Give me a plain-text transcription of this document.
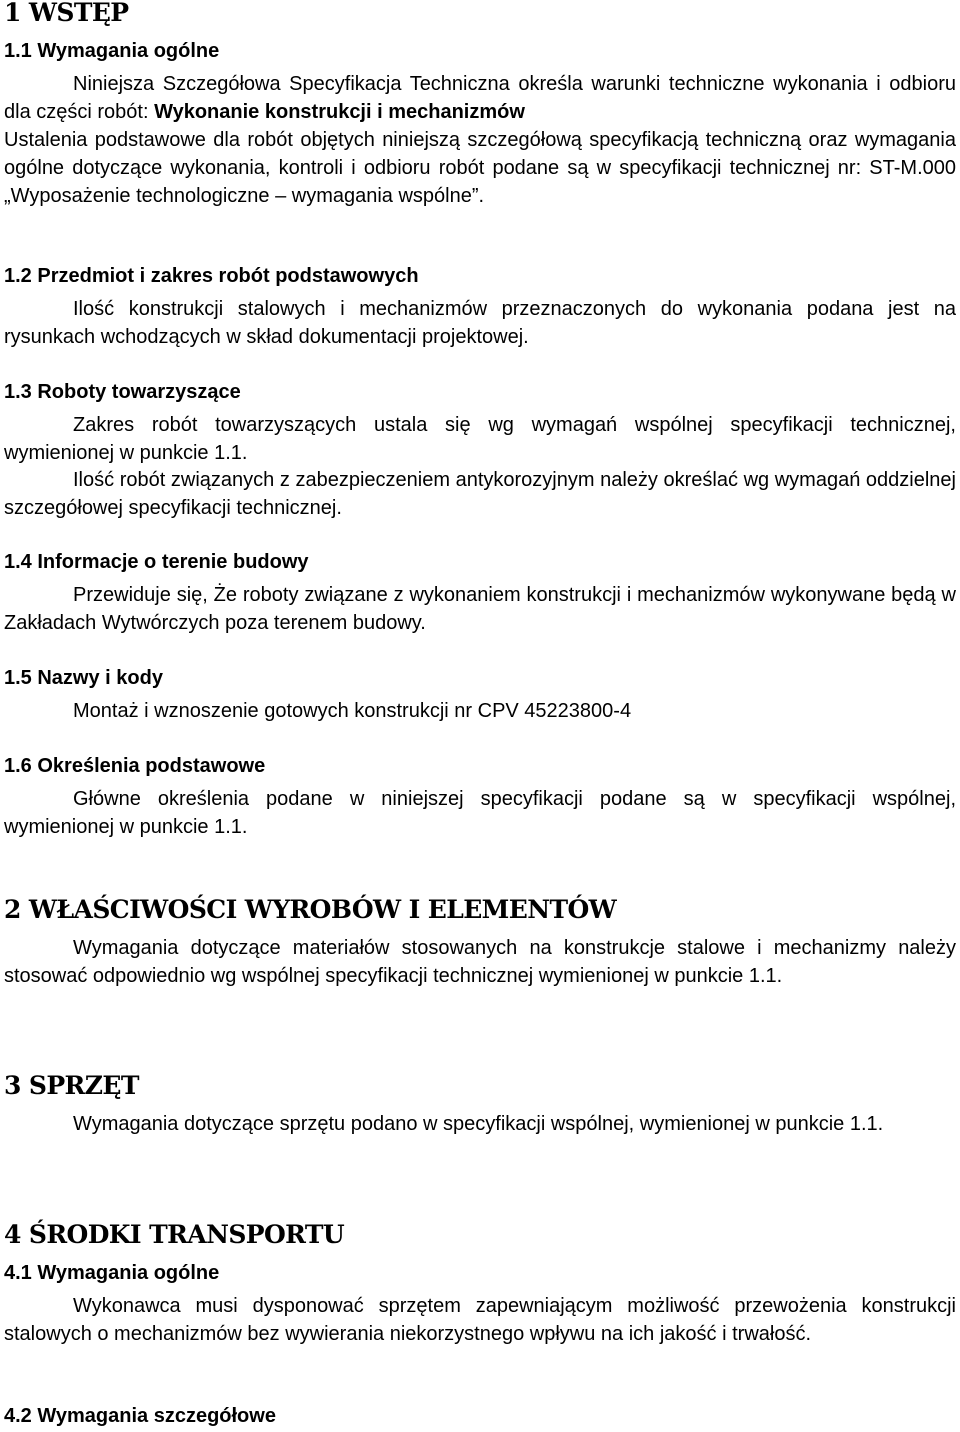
1 WSTĘP
1.1 Wymagania ogólne

Niniejsza Szczegółowa Specyfikacja Techniczna określa warunki techniczne wykonania i odbioru dla części robót: Wykonanie konstrukcji i mechanizmów

Ustalenia podstawowe dla robót objętych niniejszą szczegółową specyfikacją techniczną oraz wymagania ogólne dotyczące wykonania, kontroli i odbioru robót podane są w specyfikacji technicznej nr: ST-M.000 „Wyposażenie technologiczne – wymagania wspólne”.

1.2 Przedmiot i zakres robót podstawowych

Ilość konstrukcji stalowych i mechanizmów przeznaczonych do wykonania podana jest na rysunkach wchodzących w skład dokumentacji projektowej.

1.3 Roboty towarzyszące

Zakres robót towarzyszących ustala się wg wymagań wspólnej specyfikacji technicznej, wymienionej w punkcie 1.1.

Ilość robót związanych z zabezpieczeniem antykorozyjnym należy określać wg wymagań oddzielnej szczegółowej specyfikacji technicznej.

1.4 Informacje o terenie budowy

Przewiduje się, Że roboty związane z wykonaniem konstrukcji i mechanizmów wykonywane będą w Zakładach Wytwórczych poza terenem budowy.

1.5 Nazwy i kody

Montaż i wznoszenie gotowych konstrukcji nr CPV 45223800-4

1.6 Określenia podstawowe

Główne określenia podane w niniejszej specyfikacji podane są w specyfikacji wspólnej, wymienionej w punkcie 1.1.

2 WŁAŚCIWOŚCI WYROBÓW I ELEMENTÓW

Wymagania dotyczące materiałów stosowanych na konstrukcje stalowe i mechanizmy należy stosować odpowiednio wg wspólnej specyfikacji technicznej wymienionej w punkcie 1.1.

3 SPRZĘT

Wymagania dotyczące sprzętu podano w specyfikacji wspólnej, wymienionej w punkcie 1.1.

4 ŚRODKI TRANSPORTU
4.1 Wymagania ogólne

Wykonawca musi dysponować sprzętem zapewniającym możliwość przewożenia konstrukcji stalowych o mechanizmów bez wywierania niekorzystnego wpływu na ich jakość i trwałość.

4.2 Wymagania szczegółowe
